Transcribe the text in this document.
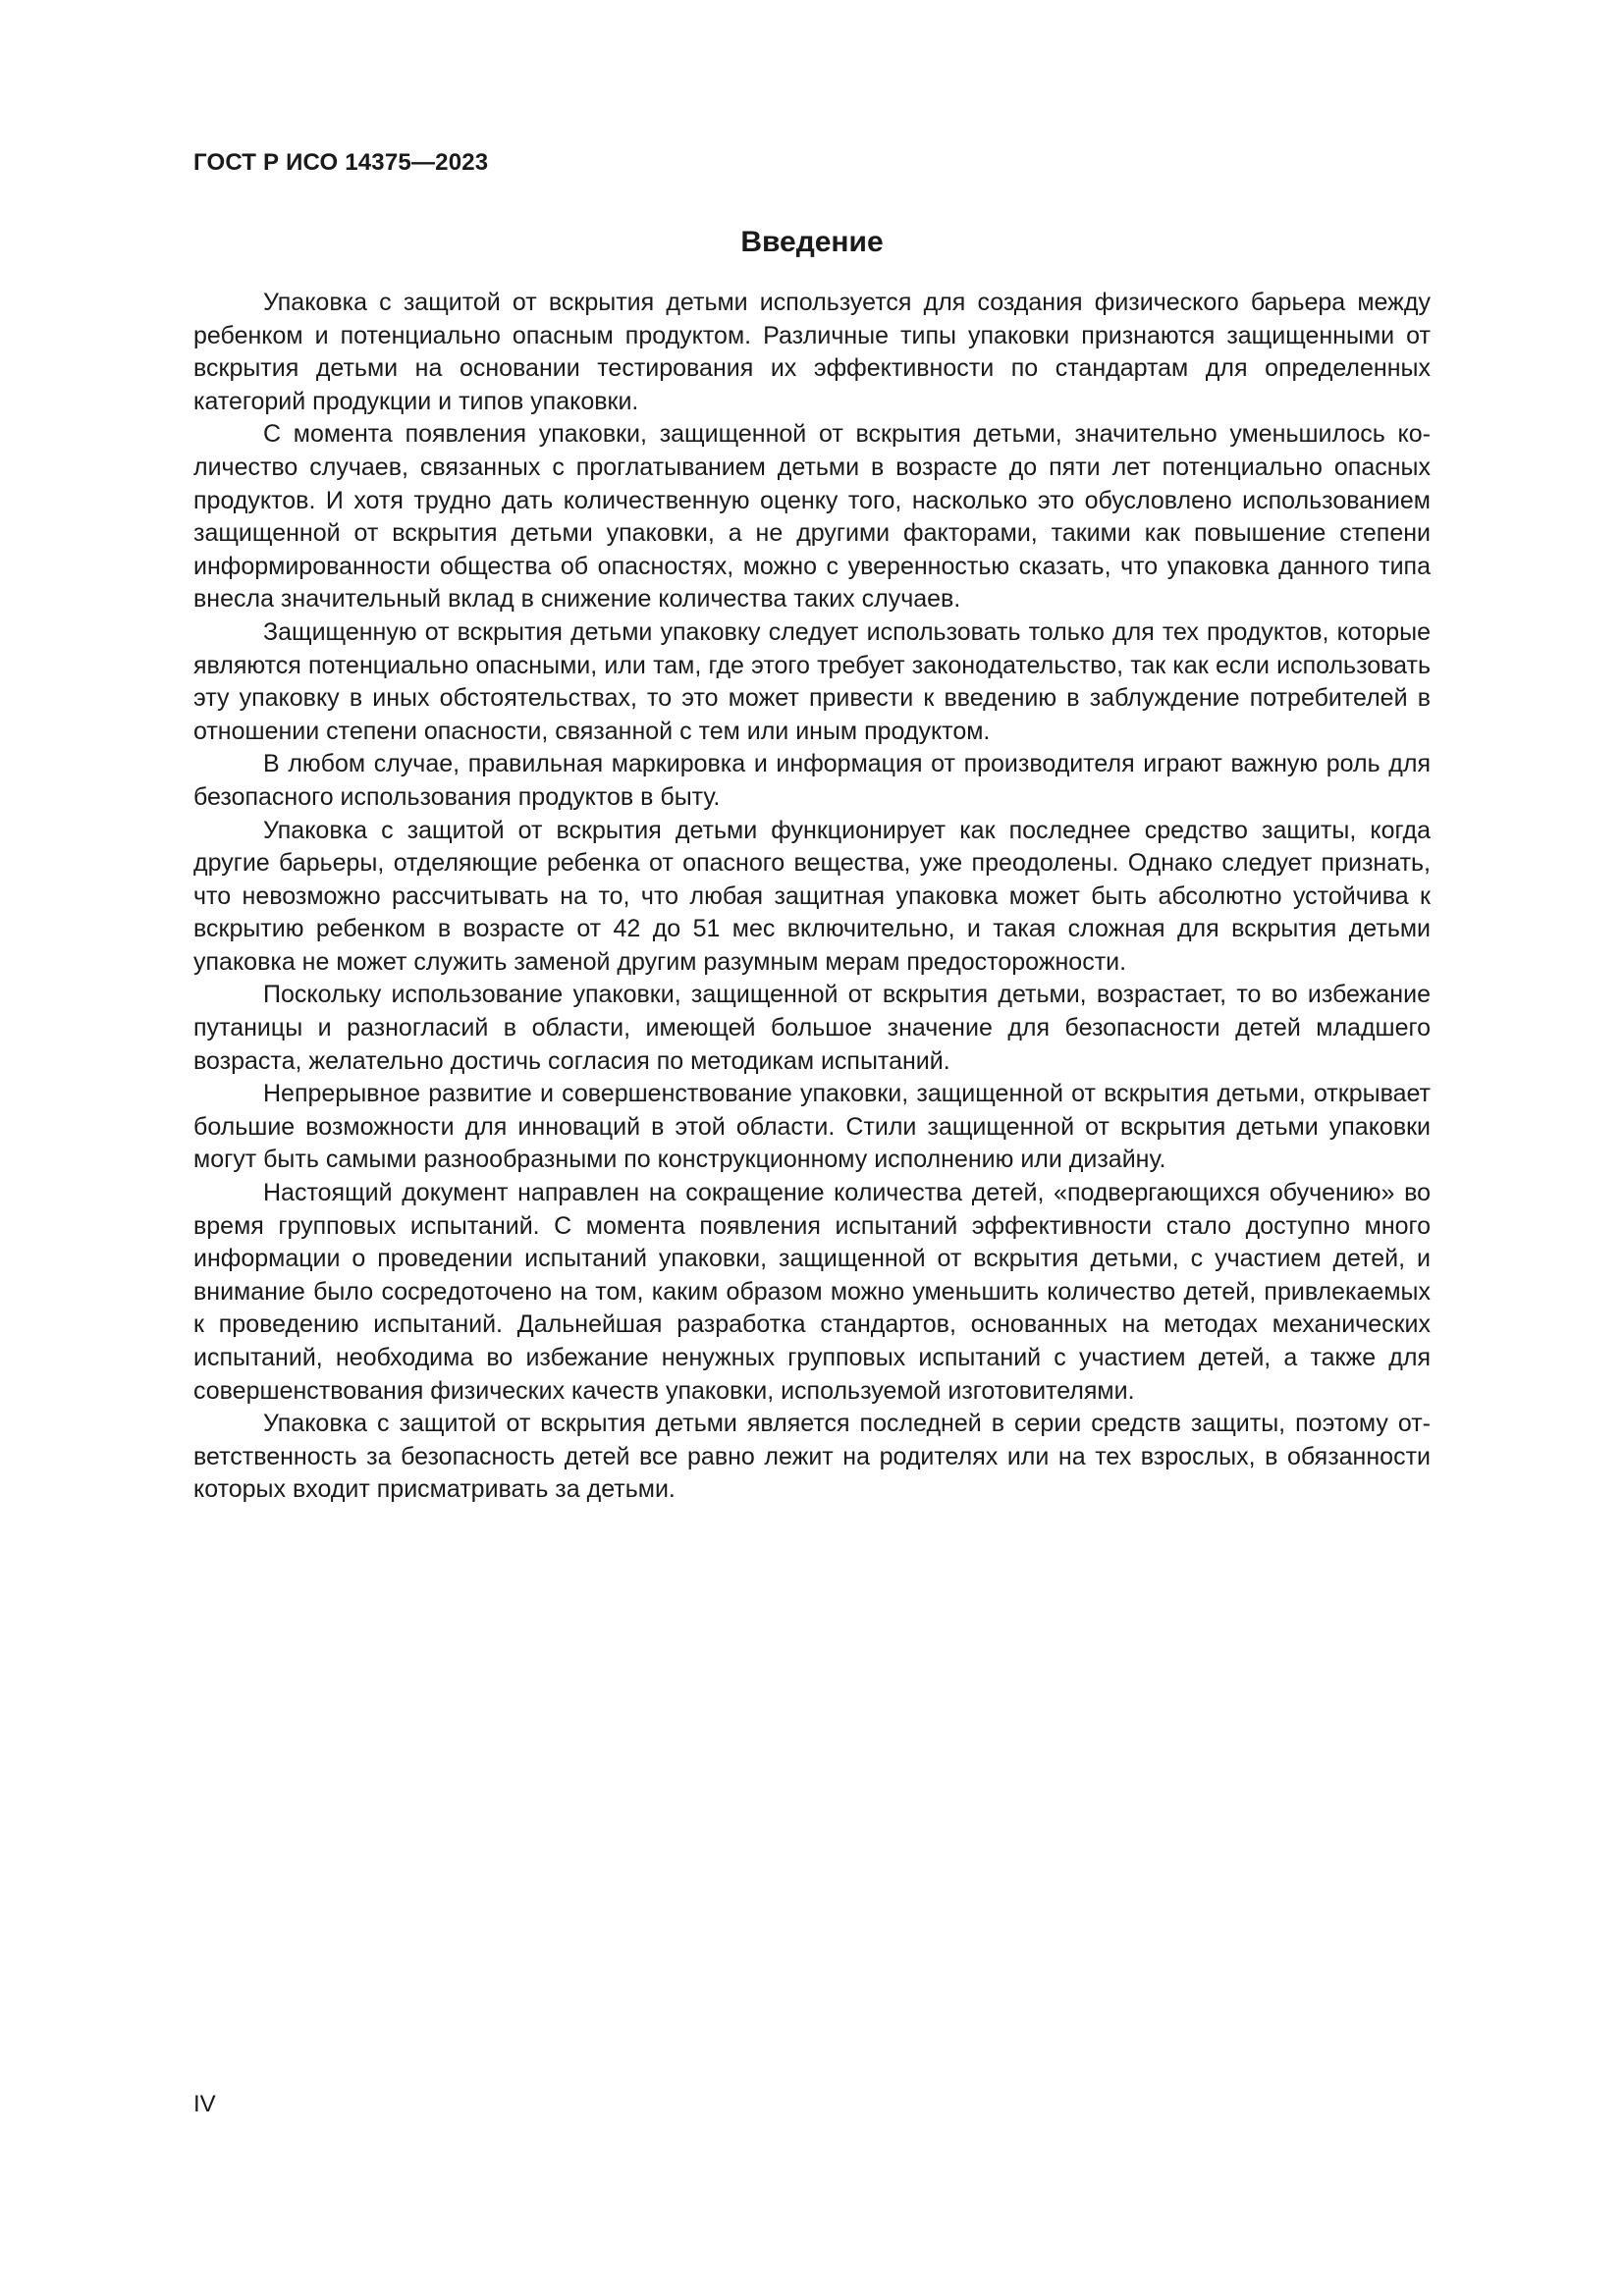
ГОСТ Р ИСО 14375—2023
Введение

Упаковка с защитой от вскрытия детьми используется для создания физического барьера между ребенком и потенциально опасным продуктом. Различные типы упаковки признаются защищенными от вскрытия детьми на основании тестирования их эффективности по стандартам для определенных категорий продукции и типов упаковки.

С момента появления упаковки, защищенной от вскрытия детьми, значительно уменьшилось количество случаев, связанных с проглатыванием детьми в возрасте до пяти лет потенциально опасных продуктов. И хотя трудно дать количественную оценку того, насколько это обусловлено использованием защищенной от вскрытия детьми упаковки, а не другими факторами, такими как повышение степени информированности общества об опасностях, можно с уверенностью сказать, что упаковка данного типа внесла значительный вклад в снижение количества таких случаев.

Защищенную от вскрытия детьми упаковку следует использовать только для тех продуктов, которые являются потенциально опасными, или там, где этого требует законодательство, так как если использовать эту упаковку в иных обстоятельствах, то это может привести к введению в заблуждение потребителей в отношении степени опасности, связанной с тем или иным продуктом.

В любом случае, правильная маркировка и информация от производителя играют важную роль для безопасного использования продуктов в быту.

Упаковка с защитой от вскрытия детьми функционирует как последнее средство защиты, когда другие барьеры, отделяющие ребенка от опасного вещества, уже преодолены. Однако следует признать, что невозможно рассчитывать на то, что любая защитная упаковка может быть абсолютно устойчива к вскрытию ребенком в возрасте от 42 до 51 мес включительно, и такая сложная для вскрытия детьми упаковка не может служить заменой другим разумным мерам предосторожности.

Поскольку использование упаковки, защищенной от вскрытия детьми, возрастает, то во избежание путаницы и разногласий в области, имеющей большое значение для безопасности детей младшего возраста, желательно достичь согласия по методикам испытаний.

Непрерывное развитие и совершенствование упаковки, защищенной от вскрытия детьми, открывает большие возможности для инноваций в этой области. Стили защищенной от вскрытия детьми упаковки могут быть самыми разнообразными по конструкционному исполнению или дизайну.

Настоящий документ направлен на сокращение количества детей, «подвергающихся обучению» во время групповых испытаний. С момента появления испытаний эффективности стало доступно много информации о проведении испытаний упаковки, защищенной от вскрытия детьми, с участием детей, и внимание было сосредоточено на том, каким образом можно уменьшить количество детей, привлекаемых к проведению испытаний. Дальнейшая разработка стандартов, основанных на методах механических испытаний, необходима во избежание ненужных групповых испытаний с участием детей, а также для совершенствования физических качеств упаковки, используемой изготовителями.

Упаковка с защитой от вскрытия детьми является последней в серии средств защиты, поэтому ответственность за безопасность детей все равно лежит на родителях или на тех взрослых, в обязанности которых входит присматривать за детьми.

IV
